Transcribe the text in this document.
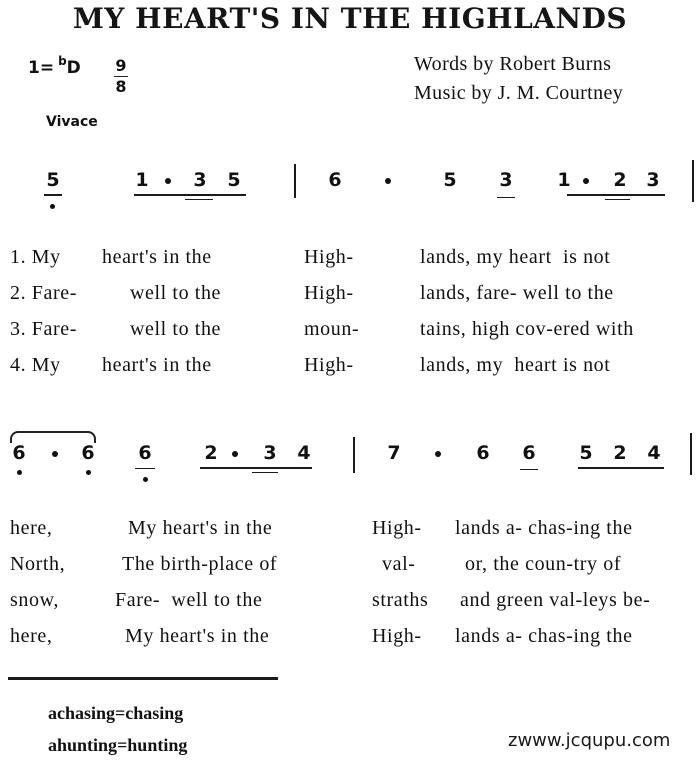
MY HEART'S IN THE HIGHLANDS
1= $^b$D 9
8
Vivace
Words by Robert Burns
Music by J. M. Courtney
5	1 3 5	6	5 3 1 2 3
1. My heart's in the	High-	lands, my heart  is not
2. Fare-	well to the	High-	lands, fare- well to the
3. Fare-	well to the	moun-	tains, high cov-ered with
4. My heart's in the	High-	lands, my  heart is not
6	6 6	2 3 4	7	6 6 5 2 4
here,	My heart's in the	High- lands a- chas-ing the
North,	The birth-place of	val- or, the coun-try of
snow,	Fare-  well to the	straths and green val-leys be-
here,	My heart's in the	High- lands a- chas-ing the
achasing=chasing
ahunting=hunting	zwww.jcqupu.com
